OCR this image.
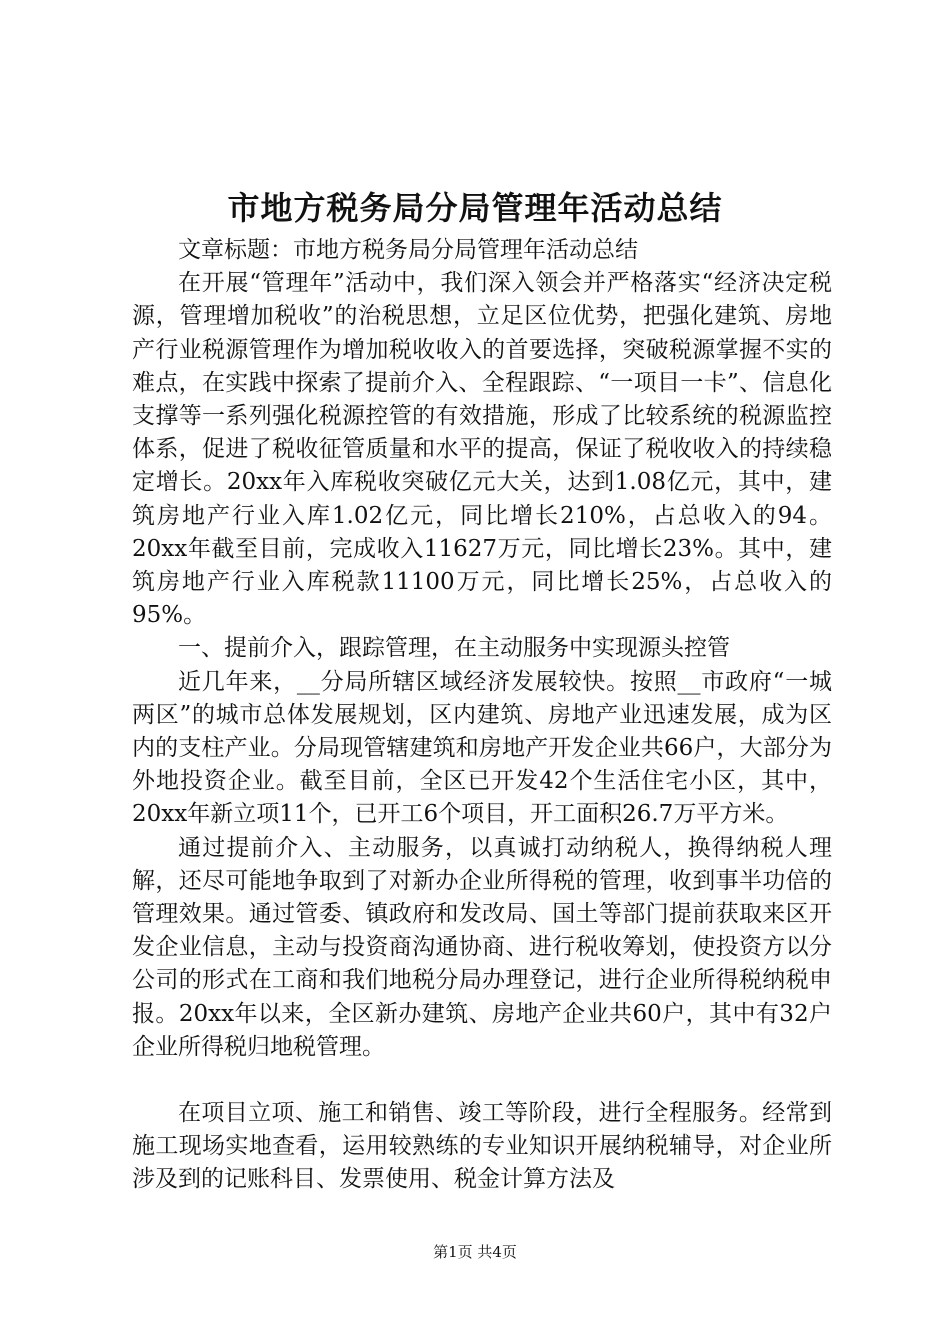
市地方税务局分局管理年活动总结

文章标题：市地方税务局分局管理年活动总结

在开展“管理年”活动中，我们深入领会并严格落实“经济决定税源，管理增加税收”的治税思想，立足区位优势，把强化建筑、房地产行业税源管理作为增加税收收入的首要选择，突破税源掌握不实的难点，在实践中探索了提前介入、全程跟踪、“一项目一卡”、信息化支撑等一系列强化税源控管的有效措施，形成了比较系统的税源监控体系，促进了税收征管质量和水平的提高，保证了税收收入的持续稳定增长。20xx年入库税收突破亿元大关，达到1.08亿元，其中，建筑房地产行业入库1.02亿元，同比增长210%，占总收入的94。20xx年截至目前，完成收入11627万元，同比增长23%。其中，建筑房地产行业入库税款11100万元，同比增长25%，占总收入的95%。

一、提前介入，跟踪管理，在主动服务中实现源头控管

近几年来，__分局所辖区域经济发展较快。按照__市政府“一城两区”的城市总体发展规划，区内建筑、房地产业迅速发展，成为区内的支柱产业。分局现管辖建筑和房地产开发企业共66户，大部分为外地投资企业。截至目前，全区已开发42个生活住宅小区，其中，20xx年新立项11个，已开工6个项目，开工面积26.7万平方米。

通过提前介入、主动服务，以真诚打动纳税人，换得纳税人理解，还尽可能地争取到了对新办企业所得税的管理，收到事半功倍的管理效果。通过管委、镇政府和发改局、国土等部门提前获取来区开发企业信息，主动与投资商沟通协商、进行税收筹划，使投资方以分公司的形式在工商和我们地税分局办理登记，进行企业所得税纳税申报。20xx年以来，全区新办建筑、房地产企业共60户，其中有32户企业所得税归地税管理。

在项目立项、施工和销售、竣工等阶段，进行全程服务。经常到施工现场实地查看，运用较熟练的专业知识开展纳税辅导，对企业所涉及到的记账科目、发票使用、税金计算方法及

第1页 共4页
